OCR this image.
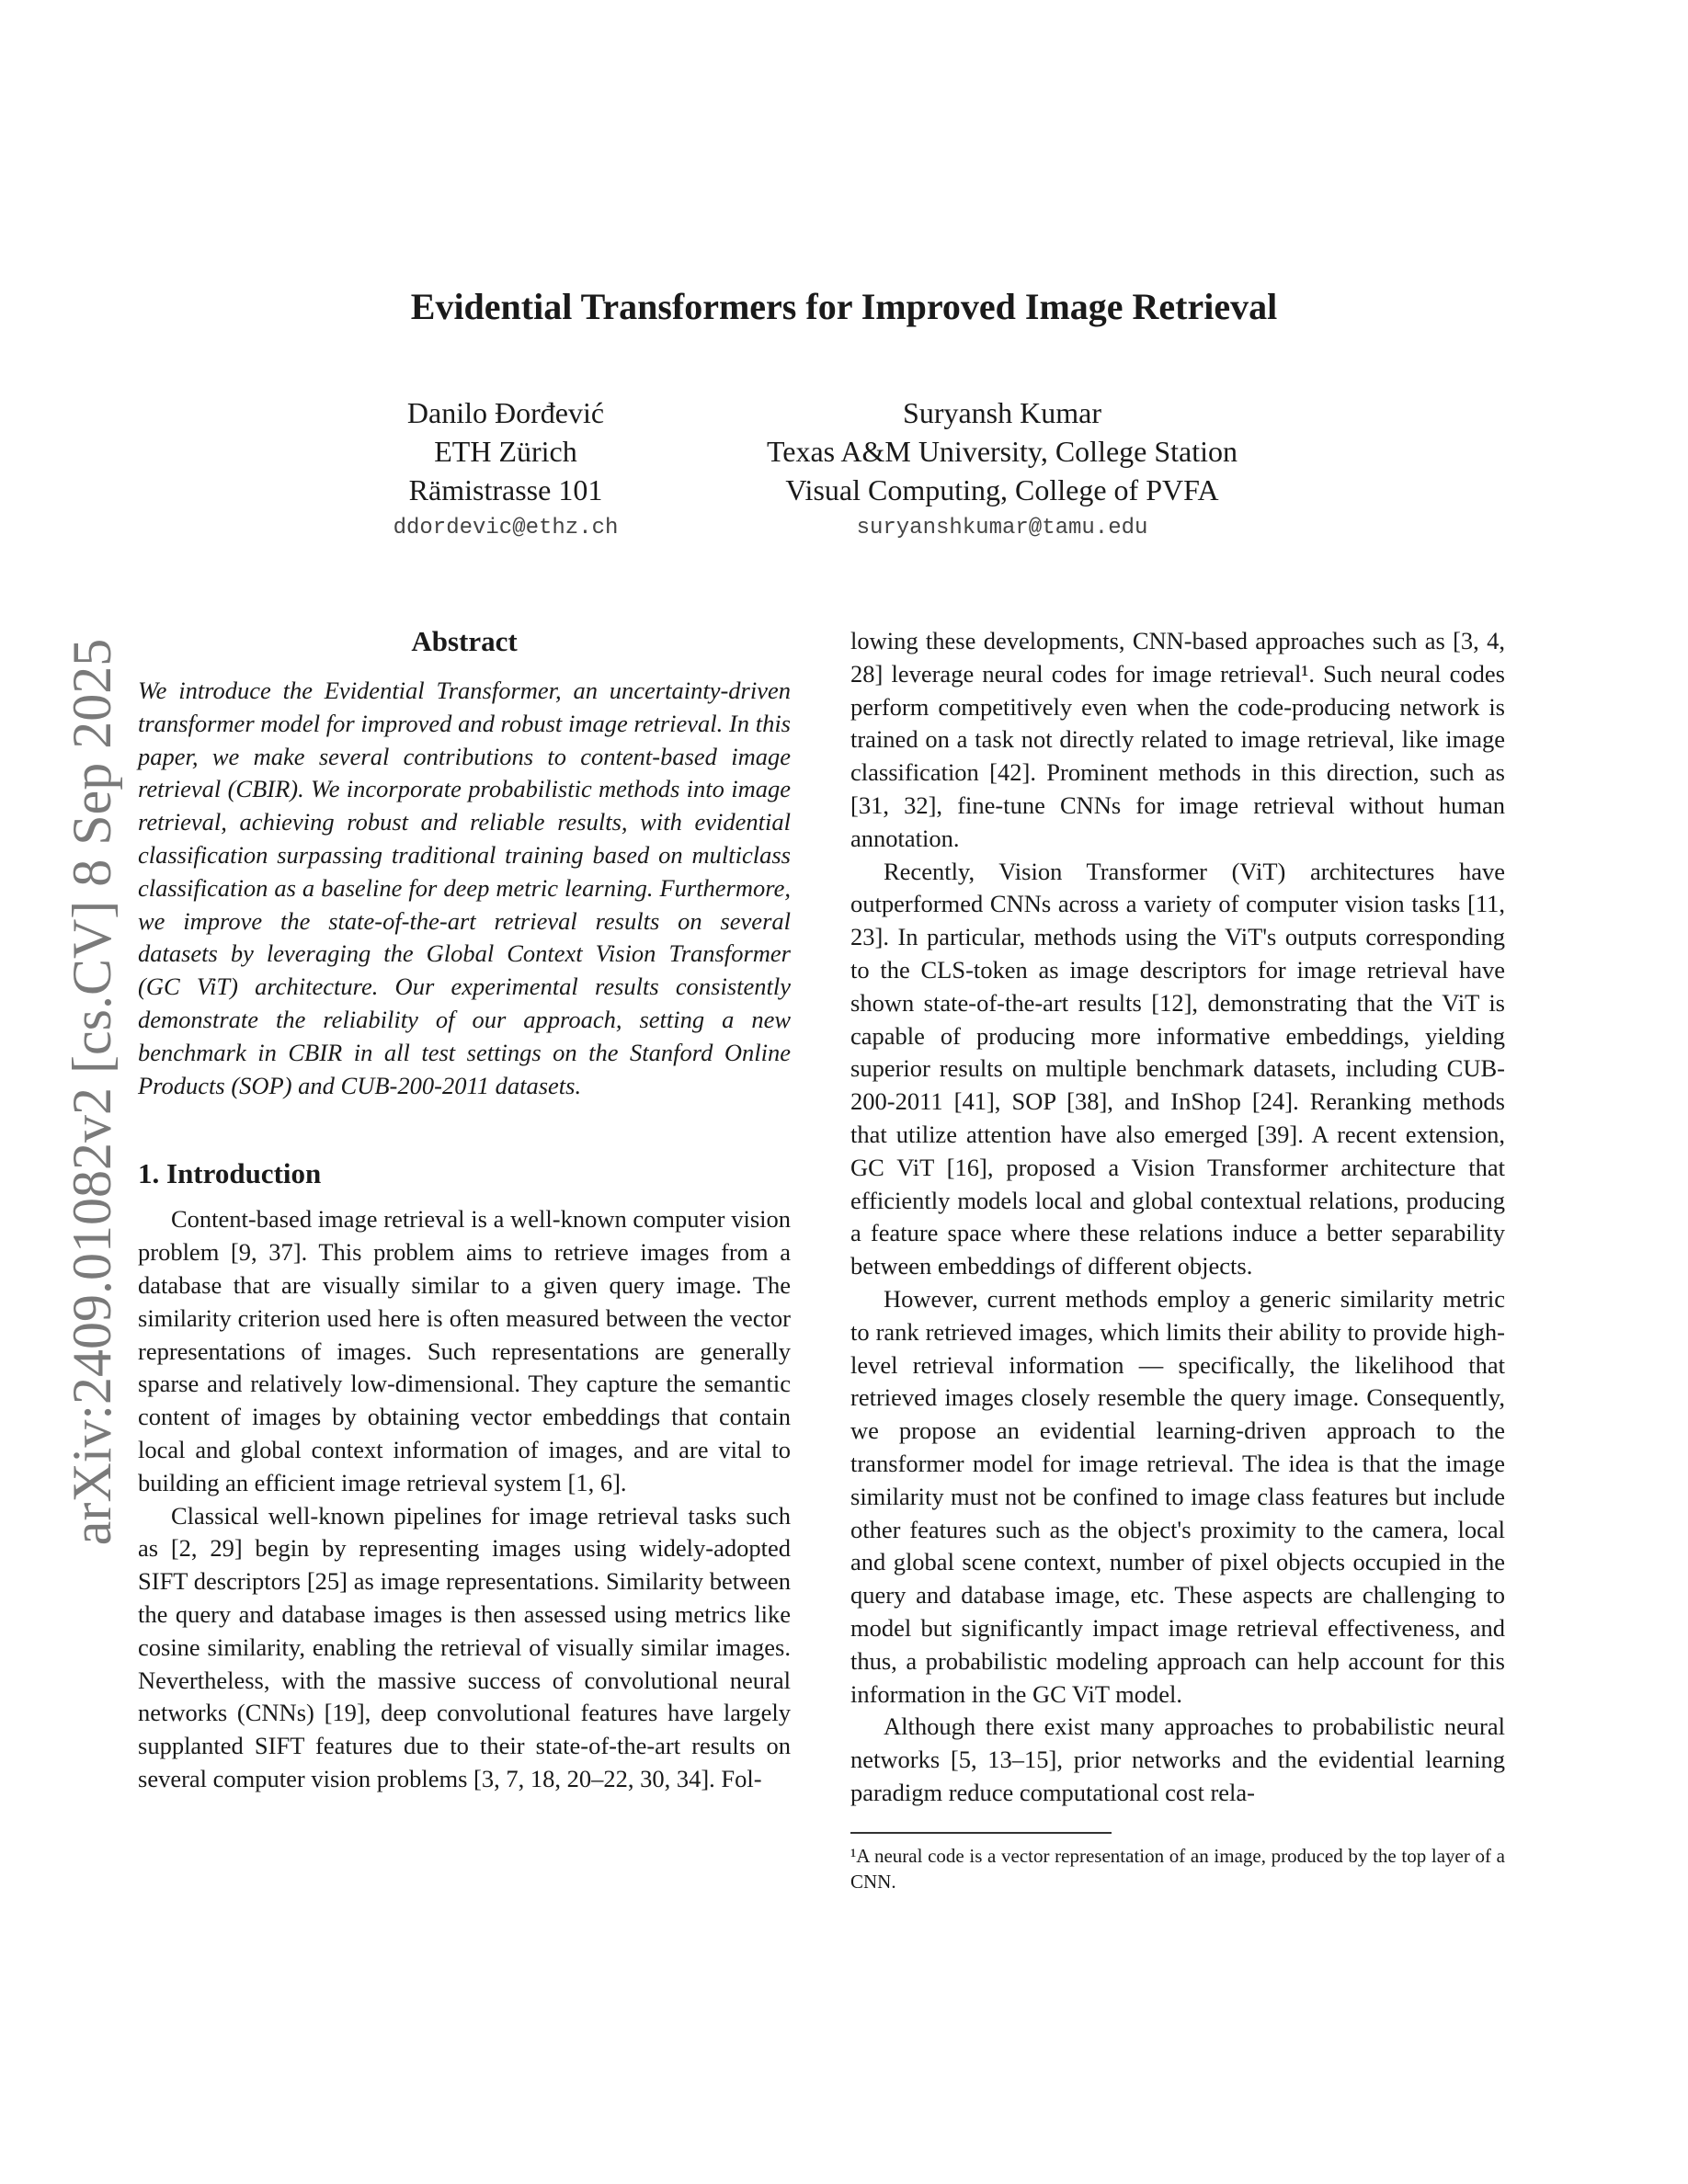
arXiv:2409.01082v2 [cs.CV] 8 Sep 2025
Evidential Transformers for Improved Image Retrieval
Danilo Đorđević
ETH Zürich
Rämistrasse 101
ddordevic@ethz.ch
Suryansh Kumar
Texas A&M University, College Station
Visual Computing, College of PVFA
suryanshkumar@tamu.edu
Abstract

We introduce the Evidential Transformer, an uncertainty-driven transformer model for improved and robust image retrieval. In this paper, we make several contributions to content-based image retrieval (CBIR). We incorporate probabilistic methods into image retrieval, achieving robust and reliable results, with evidential classification surpassing traditional training based on multiclass classification as a baseline for deep metric learning. Furthermore, we improve the state-of-the-art retrieval results on several datasets by leveraging the Global Context Vision Transformer (GC ViT) architecture. Our experimental results consistently demonstrate the reliability of our approach, setting a new benchmark in CBIR in all test settings on the Stanford Online Products (SOP) and CUB-200-2011 datasets.

1. Introduction

Content-based image retrieval is a well-known computer vision problem [9, 37]. This problem aims to retrieve images from a database that are visually similar to a given query image. The similarity criterion used here is often measured between the vector representations of images. Such representations are generally sparse and relatively low-dimensional. They capture the semantic content of images by obtaining vector embeddings that contain local and global context information of images, and are vital to building an efficient image retrieval system [1, 6].

Classical well-known pipelines for image retrieval tasks such as [2, 29] begin by representing images using widely-adopted SIFT descriptors [25] as image representations. Similarity between the query and database images is then assessed using metrics like cosine similarity, enabling the retrieval of visually similar images. Nevertheless, with the massive success of convolutional neural networks (CNNs) [19], deep convolutional features have largely supplanted SIFT features due to their state-of-the-art results on several computer vision problems [3, 7, 18, 20–22, 30, 34]. Fol-

lowing these developments, CNN-based approaches such as [3, 4, 28] leverage neural codes for image retrieval¹. Such neural codes perform competitively even when the code-producing network is trained on a task not directly related to image retrieval, like image classification [42]. Prominent methods in this direction, such as [31, 32], fine-tune CNNs for image retrieval without human annotation.

Recently, Vision Transformer (ViT) architectures have outperformed CNNs across a variety of computer vision tasks [11, 23]. In particular, methods using the ViT's outputs corresponding to the CLS-token as image descriptors for image retrieval have shown state-of-the-art results [12], demonstrating that the ViT is capable of producing more informative embeddings, yielding superior results on multiple benchmark datasets, including CUB-200-2011 [41], SOP [38], and InShop [24]. Reranking methods that utilize attention have also emerged [39]. A recent extension, GC ViT [16], proposed a Vision Transformer architecture that efficiently models local and global contextual relations, producing a feature space where these relations induce a better separability between embeddings of different objects.

However, current methods employ a generic similarity metric to rank retrieved images, which limits their ability to provide high-level retrieval information — specifically, the likelihood that retrieved images closely resemble the query image. Consequently, we propose an evidential learning-driven approach to the transformer model for image retrieval. The idea is that the image similarity must not be confined to image class features but include other features such as the object's proximity to the camera, local and global scene context, number of pixel objects occupied in the query and database image, etc. These aspects are challenging to model but significantly impact image retrieval effectiveness, and thus, a probabilistic modeling approach can help account for this information in the GC ViT model.

Although there exist many approaches to probabilistic neural networks [5, 13–15], prior networks and the evidential learning paradigm reduce computational cost rela-

¹A neural code is a vector representation of an image, produced by the top layer of a CNN.
